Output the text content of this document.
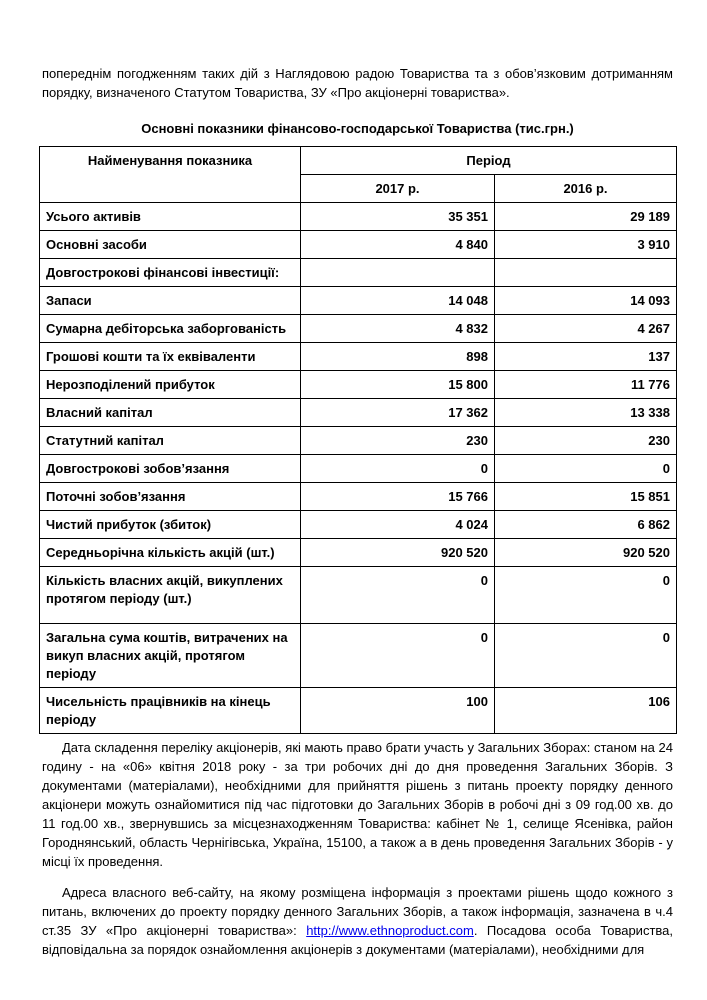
попереднім погодженням таких дій з Наглядовою радою Товариства та з обов’язковим дотриманням порядку, визначеного Статутом Товариства, ЗУ «Про акціонерні товариства».

Основні показники фінансово-господарської Товариства (тис.грн.)
Найменування показника	Період	
	2017 р.	2016 р.
Усього активів	35 351	29 189
Основні засоби	4 840	3 910
Довгострокові фінансові інвестиції:		
Запаси	14 048	14 093
Сумарна дебіторська заборгованість	4 832	4 267
Грошові кошти та їх еквіваленти	898	137
Нерозподілений прибуток	15 800	11 776
Власний капітал	17 362	13 338
Статутний капітал	230	230
Довгострокові зобов’язання	0	0
Поточні зобов’язання	15 766	15 851
Чистий прибуток (збиток)	4 024	6 862
Середньорічна кількість акцій (шт.)	920 520	920 520
Кількість власних акцій, викуплених протягом періоду (шт.)	0	0
Загальна сума коштів, витрачених на викуп власних акцій, протягом періоду	0	0
Чисельність працівників на кінець періоду	100	106

Дата складення переліку акціонерів, які мають право брати участь у Загальних Зборах: станом на 24 годину - на «06» квітня 2018 року - за три робочих дні до дня проведення Загальних Зборів. З документами (матеріалами), необхідними для прийняття рішень з питань проекту порядку денного акціонери можуть ознайомитися під час підготовки до Загальних Зборів в робочі дні з 09 год.00 хв. до 11 год.00 хв., звернувшись за місцезнаходженням Товариства: кабінет № 1, селище Ясенівка, район Городнянський, область Чернігівська, Україна, 15100, а також а в день проведення Загальних Зборів - у місці їх проведення.

Адреса власного веб-сайту, на якому розміщена інформація з проектами рішень щодо кожного з питань, включених до проекту порядку денного Загальних Зборів, а також інформація, зазначена в ч.4 ст.35 ЗУ «Про акціонерні товариства»: http://www.ethnoproduct.com. Посадова особа Товариства, відповідальна за порядок ознайомлення акціонерів з документами (матеріалами), необхідними для
